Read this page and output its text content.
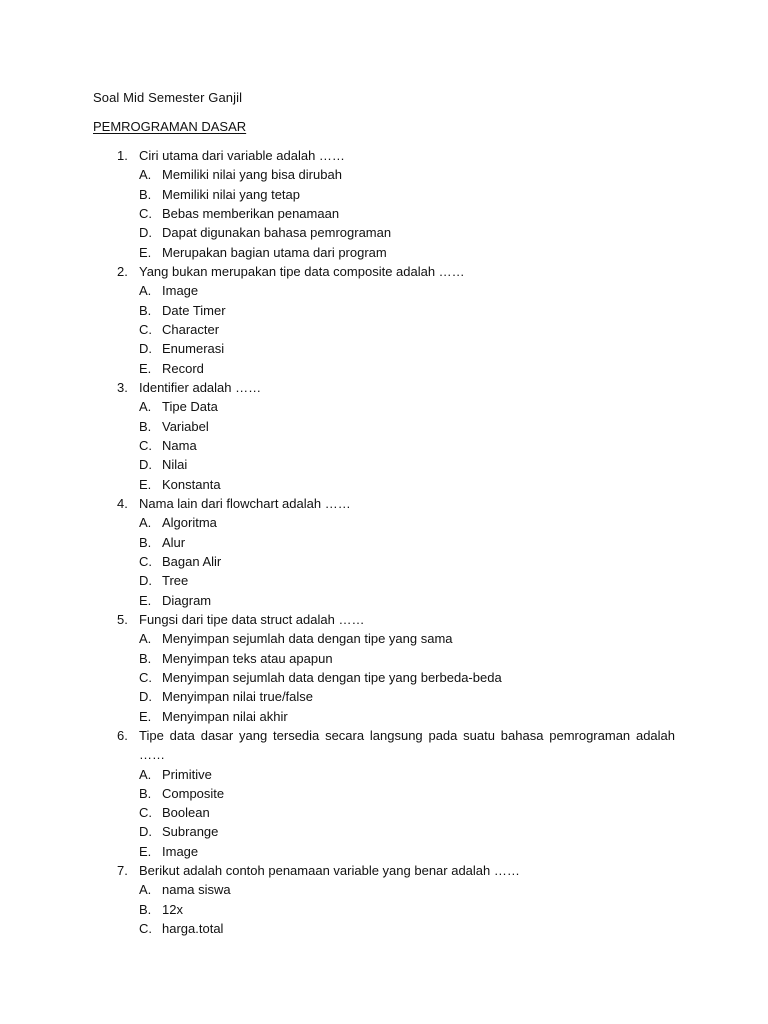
Soal Mid Semester Ganjil
PEMROGRAMAN DASAR
1. Ciri utama dari variable adalah ……
A. Memiliki nilai yang bisa dirubah
B. Memiliki nilai yang tetap
C. Bebas memberikan penamaan
D. Dapat digunakan bahasa pemrograman
E. Merupakan bagian utama dari program
2. Yang bukan merupakan tipe data composite adalah ……
A. Image
B. Date Timer
C. Character
D. Enumerasi
E. Record
3. Identifier adalah ……
A. Tipe Data
B. Variabel
C. Nama
D. Nilai
E. Konstanta
4. Nama lain dari flowchart adalah ……
A. Algoritma
B. Alur
C. Bagan Alir
D. Tree
E. Diagram
5. Fungsi dari tipe data struct adalah ……
A. Menyimpan sejumlah data dengan tipe yang sama
B. Menyimpan teks atau apapun
C. Menyimpan sejumlah data dengan tipe yang berbeda-beda
D. Menyimpan nilai true/false
E. Menyimpan nilai akhir
6. Tipe data dasar yang tersedia secara langsung pada suatu bahasa pemrograman adalah ……
A. Primitive
B. Composite
C. Boolean
D. Subrange
E. Image
7. Berikut adalah contoh penamaan variable yang benar adalah ……
A. nama siswa
B. 12x
C. harga.total
